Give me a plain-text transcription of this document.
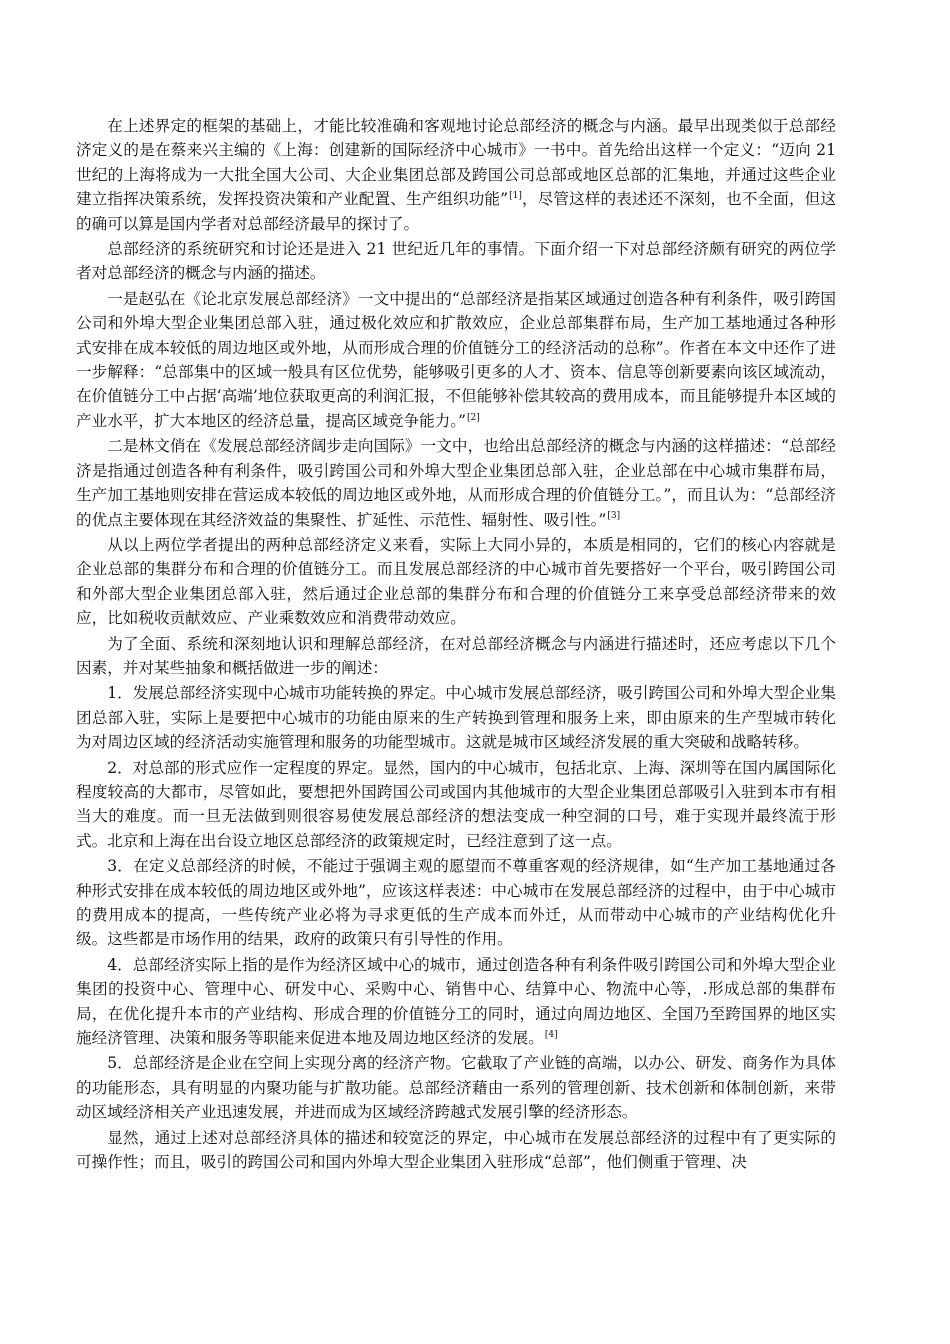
在上述界定的框架的基础上，才能比较准确和客观地讨论总部经济的概念与内涵。最早出现类似于总部经济定义的是在蔡来兴主编的《上海：创建新的国际经济中心城市》一书中。首先给出这样一个定义：“迈向 21 世纪的上海将成为一大批全国大公司、大企业集团总部及跨国公司总部或地区总部的汇集地，并通过这些企业建立指挥决策系统，发挥投资决策和产业配置、生产组织功能”[1]，尽管这样的表述还不深刻，也不全面，但这的确可以算是国内学者对总部经济最早的探讨了。

总部经济的系统研究和讨论还是进入 21 世纪近几年的事情。下面介绍一下对总部经济颇有研究的两位学者对总部经济的概念与内涵的描述。

一是赵弘在《论北京发展总部经济》一文中提出的“总部经济是指某区域通过创造各种有利条件，吸引跨国公司和外埠大型企业集团总部入驻，通过极化效应和扩散效应，企业总部集群布局，生产加工基地通过各种形式安排在成本较低的周边地区或外地，从而形成合理的价值链分工的经济活动的总称”。作者在本文中还作了进一步解释：“总部集中的区域一般具有区位优势，能够吸引更多的人才、资本、信息等创新要素向该区域流动，在价值链分工中占据‘高端’地位获取更高的利润汇报，不但能够补偿其较高的费用成本，而且能够提升本区域的产业水平，扩大本地区的经济总量，提高区域竞争能力。”[2]

二是林文俏在《发展总部经济阔步走向国际》一文中，也给出总部经济的概念与内涵的这样描述：“总部经济是指通过创造各种有利条件，吸引跨国公司和外埠大型企业集团总部入驻，企业总部在中心城市集群布局，生产加工基地则安排在营运成本较低的周边地区或外地，从而形成合理的价值链分工。”，而且认为：“总部经济的优点主要体现在其经济效益的集聚性、扩延性、示范性、辐射性、吸引性。”[3]

从以上两位学者提出的两种总部经济定义来看，实际上大同小异的，本质是相同的，它们的核心内容就是企业总部的集群分布和合理的价值链分工。而且发展总部经济的中心城市首先要搭好一个平台，吸引跨国公司和外部大型企业集团总部入驻，然后通过企业总部的集群分布和合理的价值链分工来享受总部经济带来的效应，比如税收贡献效应、产业乘数效应和消费带动效应。

为了全面、系统和深刻地认识和理解总部经济，在对总部经济概念与内涵进行描述时，还应考虑以下几个因素，并对某些抽象和概括做进一步的阐述：

1．发展总部经济实现中心城市功能转换的界定。中心城市发展总部经济，吸引跨国公司和外埠大型企业集团总部入驻，实际上是要把中心城市的功能由原来的生产转换到管理和服务上来，即由原来的生产型城市转化为对周边区域的经济活动实施管理和服务的功能型城市。这就是城市区域经济发展的重大突破和战略转移。

2．对总部的形式应作一定程度的界定。显然，国内的中心城市，包括北京、上海、深圳等在国内属国际化程度较高的大都市，尽管如此，要想把外国跨国公司或国内其他城市的大型企业集团总部吸引入驻到本市有相当大的难度。而一旦无法做到则很容易使发展总部经济的想法变成一种空洞的口号，难于实现并最终流于形式。北京和上海在出台设立地区总部经济的政策规定时，已经注意到了这一点。

3．在定义总部经济的时候，不能过于强调主观的愿望而不尊重客观的经济规律，如“生产加工基地通过各种形式安排在成本较低的周边地区或外地”，应该这样表述：中心城市在发展总部经济的过程中，由于中心城市的费用成本的提高，一些传统产业必将为寻求更低的生产成本而外迁，从而带动中心城市的产业结构优化升级。这些都是市场作用的结果，政府的政策只有引导性的作用。

4．总部经济实际上指的是作为经济区域中心的城市，通过创造各种有利条件吸引跨国公司和外埠大型企业集团的投资中心、管理中心、研发中心、采购中心、销售中心、结算中心、物流中心等，.形成总部的集群布局，在优化提升本市的产业结构、形成合理的价值链分工的同时，通过向周边地区、全国乃至跨国界的地区实施经济管理、决策和服务等职能来促进本地及周边地区经济的发展。[4]

5．总部经济是企业在空间上实现分离的经济产物。它截取了产业链的高端，以办公、研发、商务作为具体的功能形态，具有明显的内聚功能与扩散功能。总部经济藉由一系列的管理创新、技术创新和体制创新，来带动区域经济相关产业迅速发展，并进而成为区域经济跨越式发展引擎的经济形态。

显然，通过上述对总部经济具体的描述和较宽泛的界定，中心城市在发展总部经济的过程中有了更实际的可操作性；而且，吸引的跨国公司和国内外埠大型企业集团入驻形成“总部”，他们侧重于管理、决
